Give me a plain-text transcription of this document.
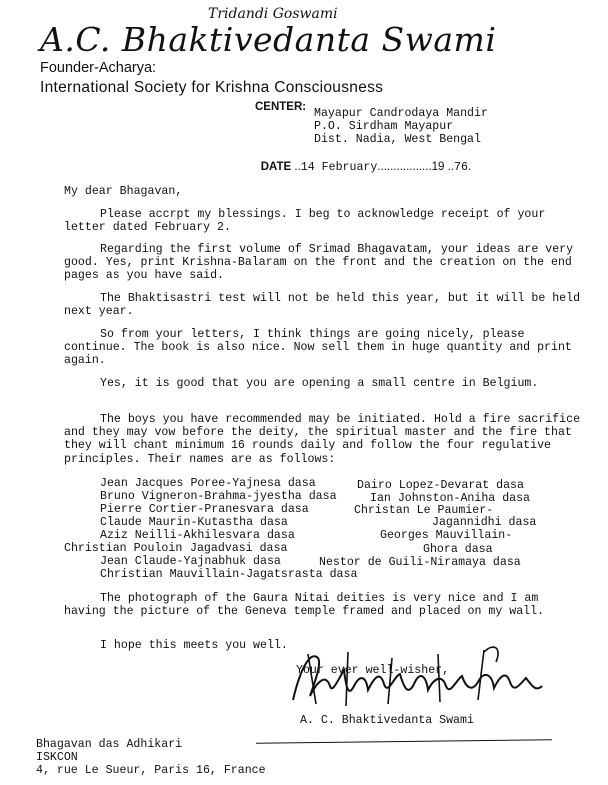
Tridandi Goswami
A.C. Bhaktivedanta Swami
Founder-Acharya:
International Society for Krishna Consciousness
CENTER: Mayapur Candrodaya Mandir
P.O. Sirdham Mayapur
Dist. Nadia, West Bengal

DATE ..14 February.................19 ..76.

My dear Bhagavan,
Please accrpt my blessings. I beg to acknowledge receipt of your letter dated February 2.
Regarding the first volume of Srimad Bhagavatam, your ideas are very good. Yes, print Krishna-Balaram on the front and the creation on the end pages as you have said.
The Bhaktisastri test will not be held this year, but it will be held next year.
So from your letters, I think things are going nicely, please continue. The book is also nice. Now sell them in huge quantity and print again.
Yes, it is good that you are opening a small centre in Belgium.
The boys you have recommended may be initiated. Hold a fire sacrifice and they may vow before the deity, the spiritual master and the fire that they will chant minimum 16 rounds daily and follow the four regulative principles. Their names are as follows:
Jean Jacques Poree-Yajnesa dasa	Dairo Lopez-Devarat dasa
Bruno Vigneron-Brahma-jyestha dasa	Ian Johnston-Aniha dasa
Pierre Cortier-Pranesvara dasa	Christan Le Paumier-
Claude Maurin-Kutastha dasa	Jagannidhi dasa
Aziz Neilli-Akhilesvara dasa	Georges Mauvillain-
Christian Pouloin Jagadvasi dasa	Ghora dasa
Jean Claude-Yajnabhuk dasa	Nestor de Guili-Niramaya dasa
Christian Mauvillain-Jagatsrasta dasa
The photograph of the Gaura Nitai deities is very nice and I am having the picture of the Geneva temple framed and placed on my wall.
I hope this meets you well.
Your ever well-wisher,
A. C. Bhaktivedanta Swami
Bhagavan das Adhikari
ISKCON
4, rue Le Sueur, Paris 16, France
